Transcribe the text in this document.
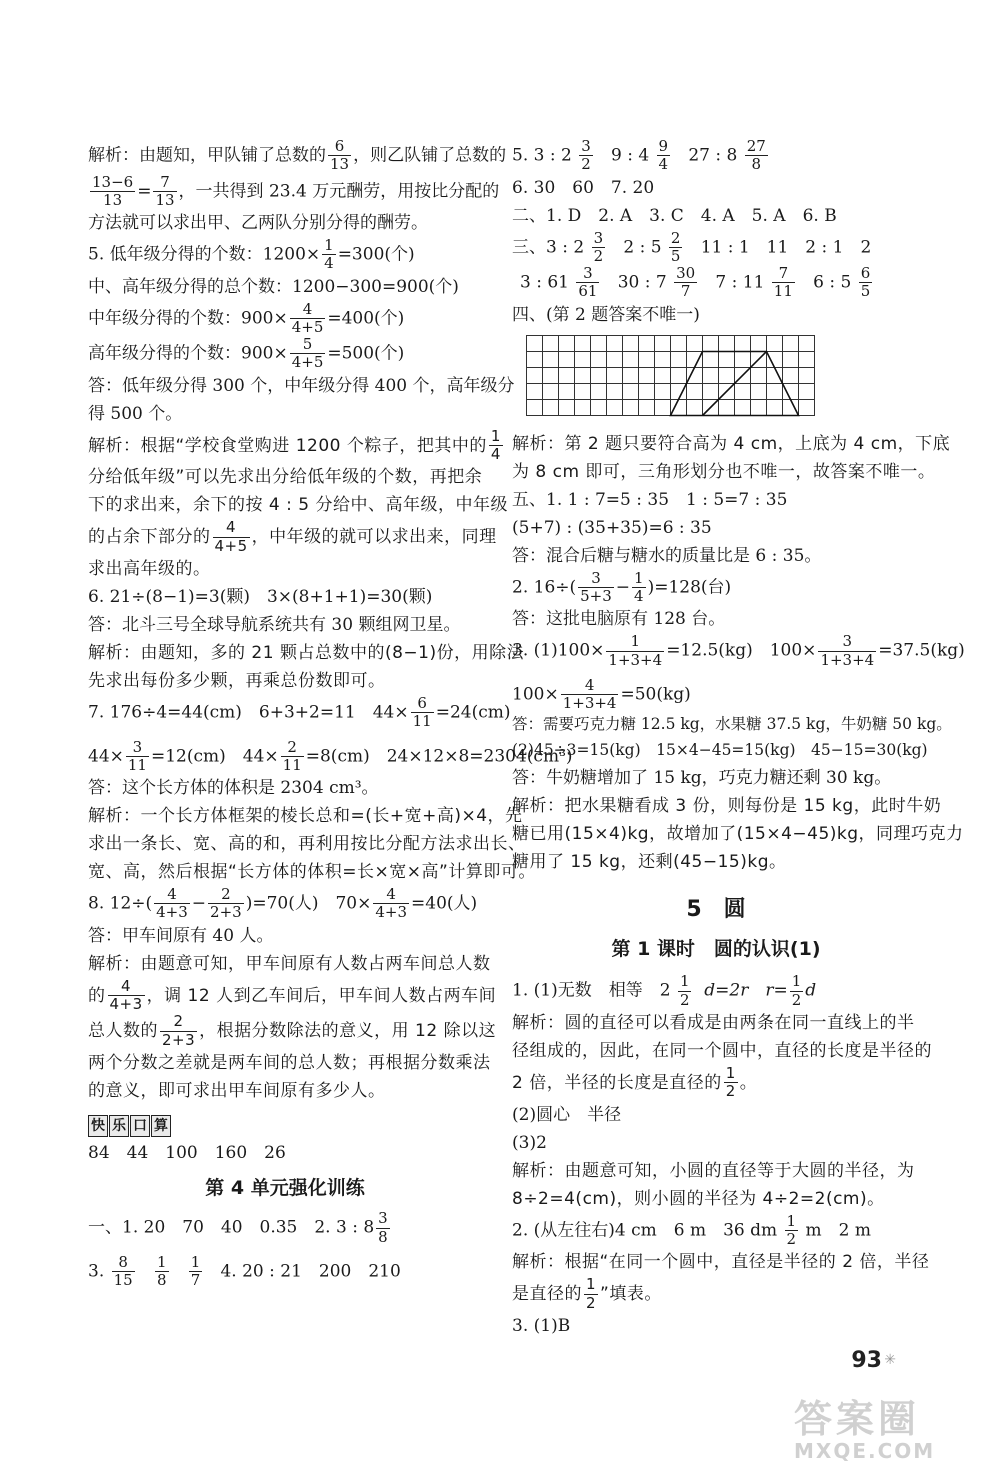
解析：由题知，甲队铺了总数的 $\frac{6}{13}$ ，则乙队铺了总数的
$\frac{13-6}{13} = \frac{7}{13}$ ，一共得到 23.4 万元酬劳，用按比分配的
方法就可以求出甲、乙两队分别分得的酬劳。
5. 低年级分得的个数：$1200\times \frac{1}{4} =300$(个)
中、高年级分得的总个数：1200−300=900(个)
中年级分得的个数：$900\times \frac{4}{4+5} =400$(个)
高年级分得的个数：$900\times \frac{5}{4+5} =500$(个)
答：低年级分得 300 个，中年级分得 400 个，高年级分
得 500 个。
解析：根据“学校食堂购进 1200 个粽子，把其中的 $\frac{1}{4}$
分给低年级”可以先求出分给低年级的个数，再把余
下的求出来，余下的按 4 : 5 分给中、高年级，中年级
的占余下部分的 $\frac{4}{4+5}$ ，中年级的就可以求出来，同理
求出高年级的。
6. 21÷(8−1)=3(颗)　3×(8+1+1)=30(颗)
答：北斗三号全球导航系统共有 30 颗组网卫星。
解析：由题知，多的 21 颗占总数中的(8−1)份，用除法
先求出每份多少颗，再乘总份数即可。
7. 176÷4=44(cm)　6+3+2=11　$44\times \frac{6}{11} =24(cm)$
$44\times \frac{3}{11} =12(cm)$　$44\times \frac{2}{11} =8(cm)$　24×12×8=2304(cm³)
答：这个长方体的体积是 2304 cm³。
解析：一个长方体框架的棱长总和=(长+宽+高)×4，先
求出一条长、宽、高的和，再利用按比分配方法求出长、
宽、高，然后根据“长方体的体积=长×宽×高”计算即可。
8. $12\div( \frac{4}{4+3} - \frac{2}{2+3} )=70$(人)　$70\times \frac{4}{4+3} =40$(人)
答：甲车间原有 40 人。
解析：由题意可知，甲车间原有人数占两车间总人数
的 $\frac{4}{4+3}$ ，调 12 人到乙车间后，甲车间人数占两车间
总人数的 $\frac{2}{2+3}$ ，根据分数除法的意义，用 12 除以这
两个分数之差就是两车间的总人数；再根据分数乘法
的意义，即可求出甲车间原有多少人。
快 乐 口 算
84　44　100　160　26
第 4 单元强化训练
一、1. 20　70　40　0.35　2. 3 : $8 \frac{3}{8}$
3. $\frac{8}{15}$
$\frac{1}{8}$
$\frac{1}{7} 4$. 20 : 21　200　210
5. 3 : $2 \frac{3}{2} 9$ : $4 \frac{9}{4} 27$ : $8 \frac{27}{8}$
6. 30　60　7. 20
二、1. D　2. A　3. C　4. A　5. A　6. B
三、3 : $2 \frac{3}{2} 2$ : $5 \frac{2}{5} 11$ : 1　11　2 : 1　2
3 : $61 \frac{3}{61} 30$ : $7 \frac{30}{7} 7$ : $11 \frac{7}{11} 6$ : $5 \frac{6}{5}$
四、(第 2 题答案不唯一)
解析：第 2 题只要符合高为 4 cm，上底为 4 cm，下底
为 8 cm 即可，三角形划分也不唯一，故答案不唯一。
五、1. 1 : 7=5 : 35　1 : 5=7 : 35
(5+7) : (35+35)=6 : 35
答：混合后糖与糖水的质量比是 6 : 35。
2. $16\div( \frac{3}{5+3} - \frac{1}{4} )=128$(台)
答：这批电脑原有 128 台。
3. $(1)100\times \frac{1}{1+3+4} =12.5(kg)$　$100\times \frac{3}{1+3+4} =37.5(kg)$
$100\times \frac{4}{1+3+4} =50(kg)$
答：需要巧克力糖 12.5 kg，水果糖 37.5 kg，牛奶糖 50 kg。
(2)45÷3=15(kg)　15×4−45=15(kg)　45−15=30(kg)
答：牛奶糖增加了 15 kg，巧克力糖还剩 30 kg。
解析：把水果糖看成 3 份，则每份是 15 kg，此时牛奶
糖已用(15×4)kg，故增加了(15×4−45)kg，同理巧克力
糖用了 15 kg，还剩(45−15)kg。
5　圆
第 1 课时　圆的认识(1)
1. (1)无数　相等　$2 \frac{1}{2} d=2r$　$r= \frac{1}{2}$ d
解析：圆的直径可以看成是由两条在同一直线上的半
径组成的，因此，在同一个圆中，直径的长度是半径的
2 倍，半径的长度是直径的 $\frac{1}{2}$ 。
(2)圆心　半径
(3)2
解析：由题意可知，小圆的直径等于大圆的半径，为
8÷2=4(cm)，则小圆的半径为 4÷2=2(cm)。
2. (从左往右)4 cm　6 m　36 dm $\frac{1}{2}$ m　2 m
解析：根据“在同一个圆中，直径是半径的 2 倍，半径
是直径的 $\frac{1}{2}$ ”填表。
3. (1)B
93 ✳
答案圈
MXQE.COM
